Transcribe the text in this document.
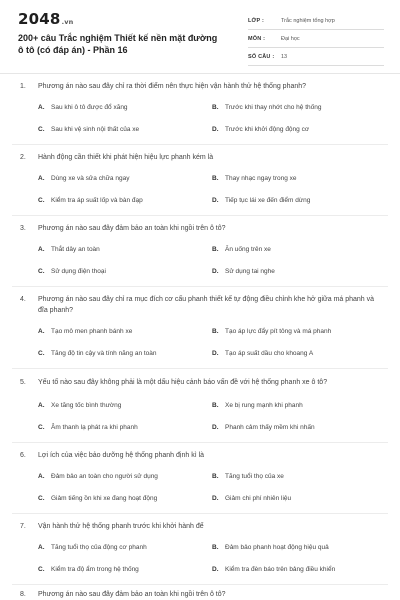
2048.vn
200+ câu Trắc nghiệm Thiết kế nền mặt đường ô tô (có đáp án) - Phần 16
LỚP :	Trắc nghiệm tổng hợp
MÔN :	Đại học
SỐ CÂU :	13
1.	Phương án nào sau đây chỉ ra thời điểm nên thực hiện vận hành thử hệ thống phanh?
A.	Sau khi ô tô được đổ xăng	B.	Trước khi thay nhớt cho hệ thống
C.	Sau khi vệ sinh nội thất của xe	D.	Trước khi khởi động động cơ
2.	Hành động cần thiết khi phát hiện hiệu lực phanh kém là
A.	Dùng xe và sửa chữa ngay	B.	Thay nhạc ngay trong xe
C.	Kiểm tra áp suất lốp và bàn đạp	D.	Tiếp tục lái xe đến điểm dừng
3.	Phương án nào sau đây đảm bảo an toàn khi ngồi trên ô tô?
A.	Thắt dây an toàn	B.	Ăn uống trên xe
C.	Sử dụng điện thoại	D.	Sử dụng tai nghe
4.	Phương án nào sau đây chỉ ra mục đích cơ cấu phanh thiết kế tự động điều chỉnh khe hở giữa má phanh và đĩa phanh?
A.	Tạo mô men phanh bánh xe	B.	Tạo áp lực đẩy pít tông và má phanh
C.	Tăng độ tin cậy và tính năng an toàn	D.	Tạo áp suất dầu cho khoang A
5.	Yếu tố nào sau đây không phải là một dấu hiệu cảnh báo vấn đề với hệ thống phanh xe ô tô?
A.	Xe tăng tốc bình thường	B.	Xe bị rung mạnh khi phanh
C.	Âm thanh lạ phát ra khi phanh	D.	Phanh cảm thấy mềm khi nhấn
6.	Lợi ích của việc bảo dưỡng hệ thống phanh định kì là
A.	Đảm bảo an toàn cho người sử dụng	B.	Tăng tuổi thọ của xe
C.	Giảm tiếng ồn khi xe đang hoạt động	D.	Giảm chi phí nhiên liệu
7.	Vận hành thử hệ thống phanh trước khi khởi hành để
A.	Tăng tuổi thọ của động cơ phanh	B.	Đảm bảo phanh hoạt động hiệu quả
C.	Kiểm tra độ ẩm trong hệ thống	D.	Kiểm tra đèn báo trên bảng điều khiển
8.	Phương án nào sau đây đảm bảo an toàn khi ngồi trên ô tô?
